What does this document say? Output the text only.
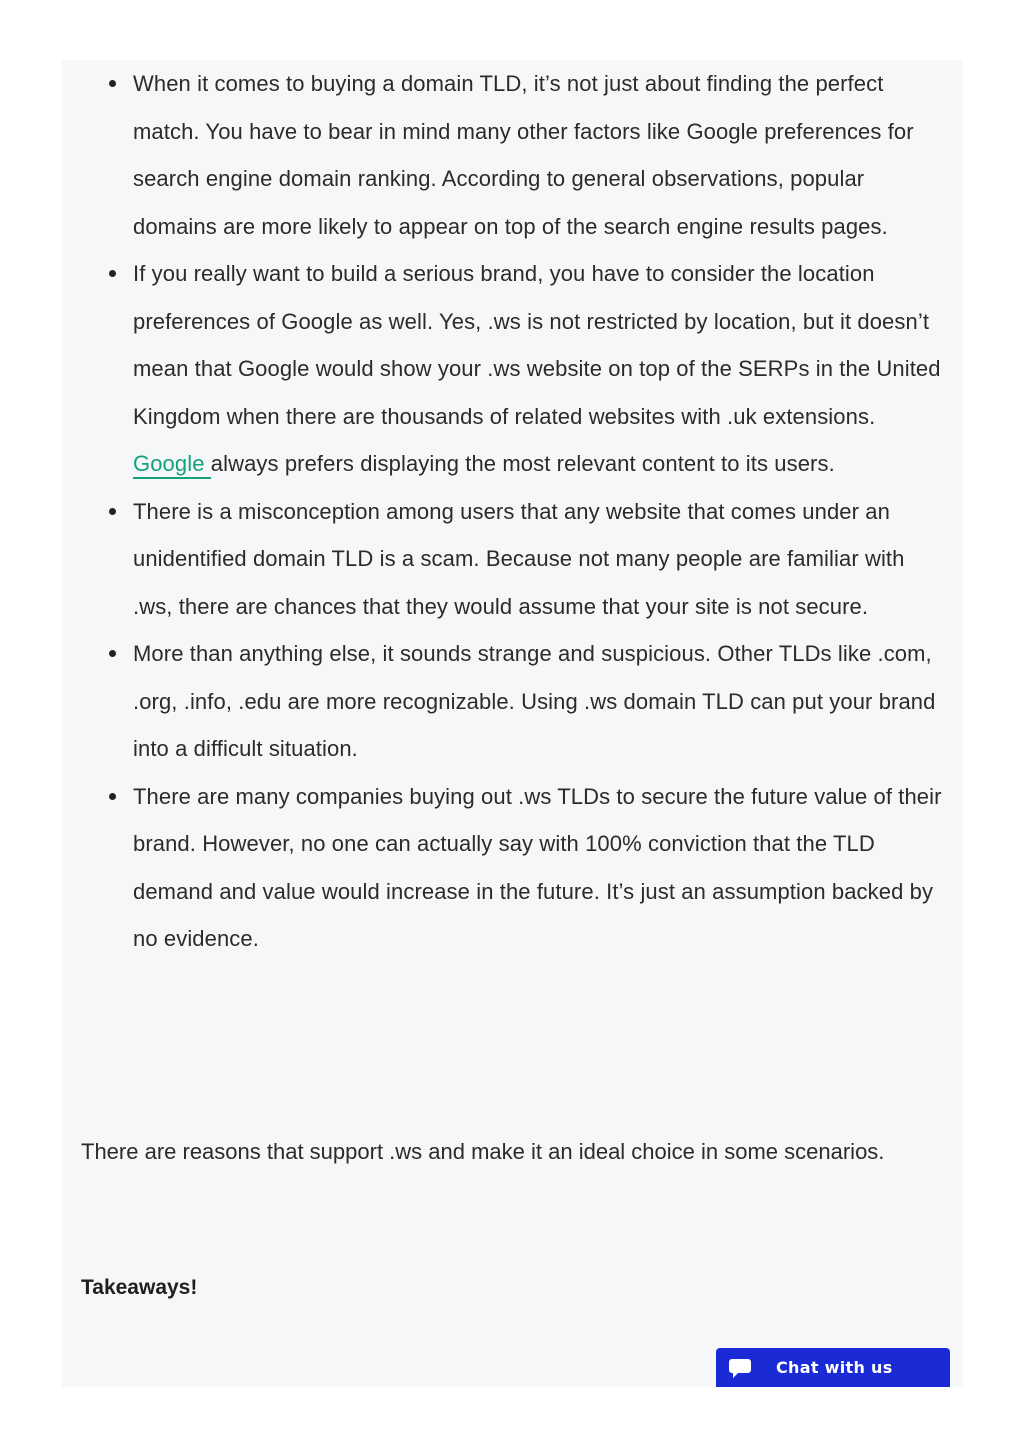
When it comes to buying a domain TLD, it’s not just about finding the perfect match. You have to bear in mind many other factors like Google preferences for search engine domain ranking. According to general observations, popular domains are more likely to appear on top of the search engine results pages.
If you really want to build a serious brand, you have to consider the location preferences of Google as well. Yes, .ws is not restricted by location, but it doesn’t mean that Google would show your .ws website on top of the SERPs in the United Kingdom when there are thousands of related websites with .uk extensions. Google always prefers displaying the most relevant content to its users.
There is a misconception among users that any website that comes under an unidentified domain TLD is a scam. Because not many people are familiar with .ws, there are chances that they would assume that your site is not secure.
More than anything else, it sounds strange and suspicious. Other TLDs like .com, .org, .info, .edu are more recognizable. Using .ws domain TLD can put your brand into a difficult situation.
There are many companies buying out .ws TLDs to secure the future value of their brand. However, no one can actually say with 100% conviction that the TLD demand and value would increase in the future. It’s just an assumption backed by no evidence.

There are reasons that support .ws and make it an ideal choice in some scenarios.

Takeaways!

Chat with us
